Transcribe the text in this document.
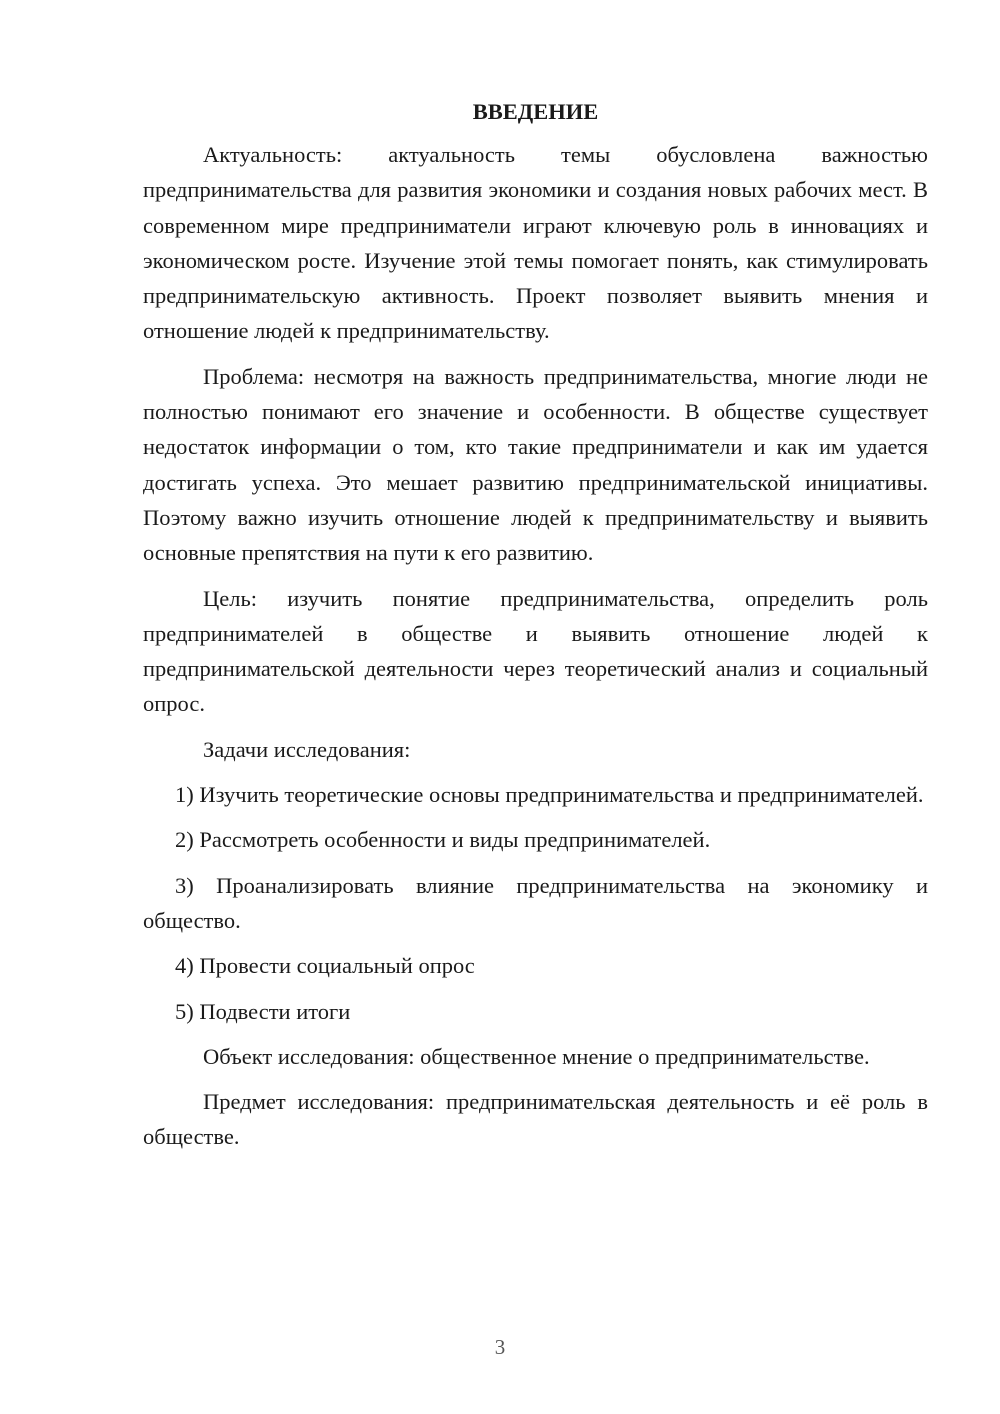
ВВЕДЕНИЕ

Актуальность: актуальность темы обусловлена важностью предпринимательства для развития экономики и создания новых рабочих мест. В современном мире предприниматели играют ключевую роль в инновациях и экономическом росте. Изучение этой темы помогает понять, как стимулировать предпринимательскую активность. Проект позволяет выявить мнения и отношение людей к предпринимательству.

Проблема: несмотря на важность предпринимательства, многие люди не полностью понимают его значение и особенности. В обществе существует недостаток информации о том, кто такие предприниматели и как им удается достигать успеха. Это мешает развитию предпринимательской инициативы. Поэтому важно изучить отношение людей к предпринимательству и выявить основные препятствия на пути к его развитию.

Цель: изучить понятие предпринимательства, определить роль предпринимателей в обществе и выявить отношение людей к предпринимательской деятельности через теоретический анализ и социальный опрос.

Задачи исследования:

1) Изучить теоретические основы предпринимательства и предпринимателей.

2) Рассмотреть особенности и виды предпринимателей.

3) Проанализировать влияние предпринимательства на экономику и общество.

4) Провести социальный опрос

5) Подвести итоги

Объект исследования: общественное мнение о предпринимательстве.

Предмет исследования: предпринимательская деятельность и её роль в обществе.

3
